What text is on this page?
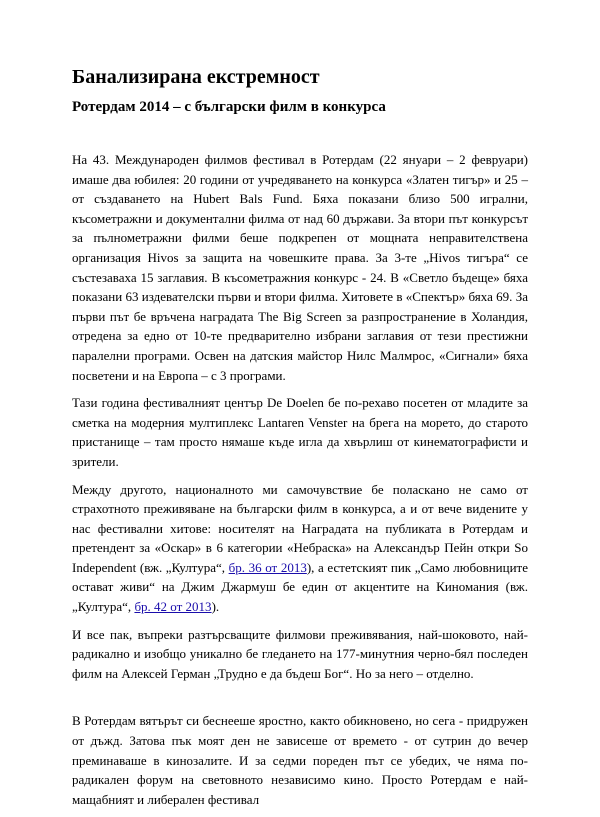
Банализирана екстремност
Ротердам 2014 – с български филм в конкурса

На 43. Международен филмов фестивал в Ротердам (22 януари – 2 февруари) имаше два юбилея: 20 години от учредяването на конкурса «Златен тигър» и 25 – от създаването на Hubert Bals Fund. Бяха показани близо 500 игрални, късометражни и документални филма от над 60 държави. За втори път конкурсът за пълнометражни филми беше подкрепен от мощната неправителствена организация Hivos за защита на човешките права. За 3-те „Hivos тигъра“ се състезаваха 15 заглавия. В късометражния конкурс - 24. В «Светло бъдеще» бяха показани 63 издевателски първи и втори филма. Хитовете в «Спектър» бяха 69. За първи път бе връчена наградата The Big Screen за разпространение в Холандия, отредена за едно от 10-те предварително избрани заглавия от тези престижни паралелни програми. Освен на датския майстор Нилс Малмрос, «Сигнали» бяха посветени и на Европа – с 3 програми.

Тази година фестивалният център De Doelen бе по-рехаво посетен от младите за сметка на модерния мултиплекс Lantaren Venster на брега на морето, до старото пристанище – там просто нямаше къде игла да хвърлиш от кинематографисти и зрители.

Между другото, националното ми самочувствие бе поласкано не само от страхотното преживяване на български филм в конкурса, а и от вече видените у нас фестивални хитове: носителят на Наградата на публиката в Ротердам и претендент за «Оскар» в 6 категории «Небраска» на Александър Пейн откри So Independent (вж. „Култура“, бр. 36 от 2013), а естетският пик „Само любовниците остават живи“ на Джим Джармуш бе един от акцентите на Киномания (вж. „Култура“, бр. 42 от 2013).

И все пак, въпреки разтърсващите филмови преживявания, най-шоковото, най-радикално и изобщо уникално бе гледането на 177-минутния черно-бял последен филм на Алексей Герман „Трудно е да бъдеш Бог“. Но за него – отделно.

В Ротердам вятърът си беснееше яростно, както обикновено, но сега - придружен от дъжд. Затова пък моят ден не зависеше от времето - от сутрин до вечер преминаваше в кинозалите. И за седми пореден път се убедих, че няма по-радикален форум на световното независимо кино. Просто Ротердам е най-мащабният и либерален фестивал
